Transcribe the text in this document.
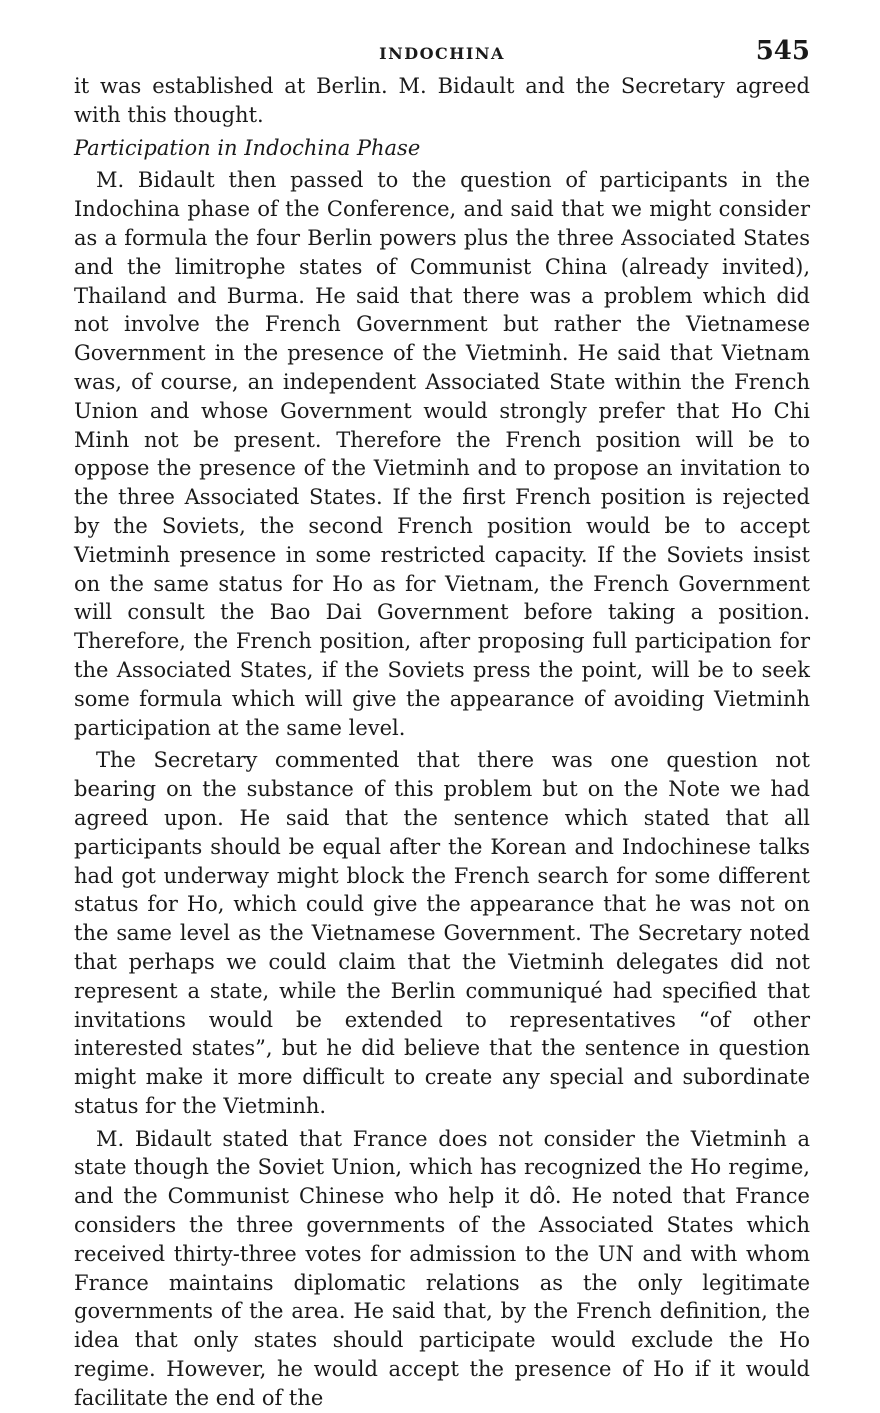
INDOCHINA	545

it was established at Berlin. M. Bidault and the Secretary agreed with this thought.

Participation in Indochina Phase

M. Bidault then passed to the question of participants in the Indochina phase of the Conference, and said that we might consider as a formula the four Berlin powers plus the three Associated States and the limitrophe states of Communist China (already invited), Thailand and Burma. He said that there was a problem which did not involve the French Government but rather the Vietnamese Government in the presence of the Vietminh. He said that Vietnam was, of course, an independent Associated State within the French Union and whose Government would strongly prefer that Ho Chi Minh not be present. Therefore the French position will be to oppose the presence of the Vietminh and to propose an invitation to the three Associated States. If the first French position is rejected by the Soviets, the second French position would be to accept Vietminh presence in some restricted capacity. If the Soviets insist on the same status for Ho as for Vietnam, the French Government will consult the Bao Dai Government before taking a position. Therefore, the French position, after proposing full participation for the Associated States, if the Soviets press the point, will be to seek some formula which will give the appearance of avoiding Vietminh participation at the same level.

The Secretary commented that there was one question not bearing on the substance of this problem but on the Note we had agreed upon. He said that the sentence which stated that all participants should be equal after the Korean and Indochinese talks had got underway might block the French search for some different status for Ho, which could give the appearance that he was not on the same level as the Vietnamese Government. The Secretary noted that perhaps we could claim that the Vietminh delegates did not represent a state, while the Berlin communiqué had specified that invitations would be extended to representatives “of other interested states”, but he did believe that the sentence in question might make it more difficult to create any special and subordinate status for the Vietminh.

M. Bidault stated that France does not consider the Vietminh a state though the Soviet Union, which has recognized the Ho regime, and the Communist Chinese who help it dô. He noted that France considers the three governments of the Associated States which received thirty-three votes for admission to the UN and with whom France maintains diplomatic relations as the only legitimate governments of the area. He said that, by the French definition, the idea that only states should participate would exclude the Ho regime. However, he would accept the presence of Ho if it would facilitate the end of the
